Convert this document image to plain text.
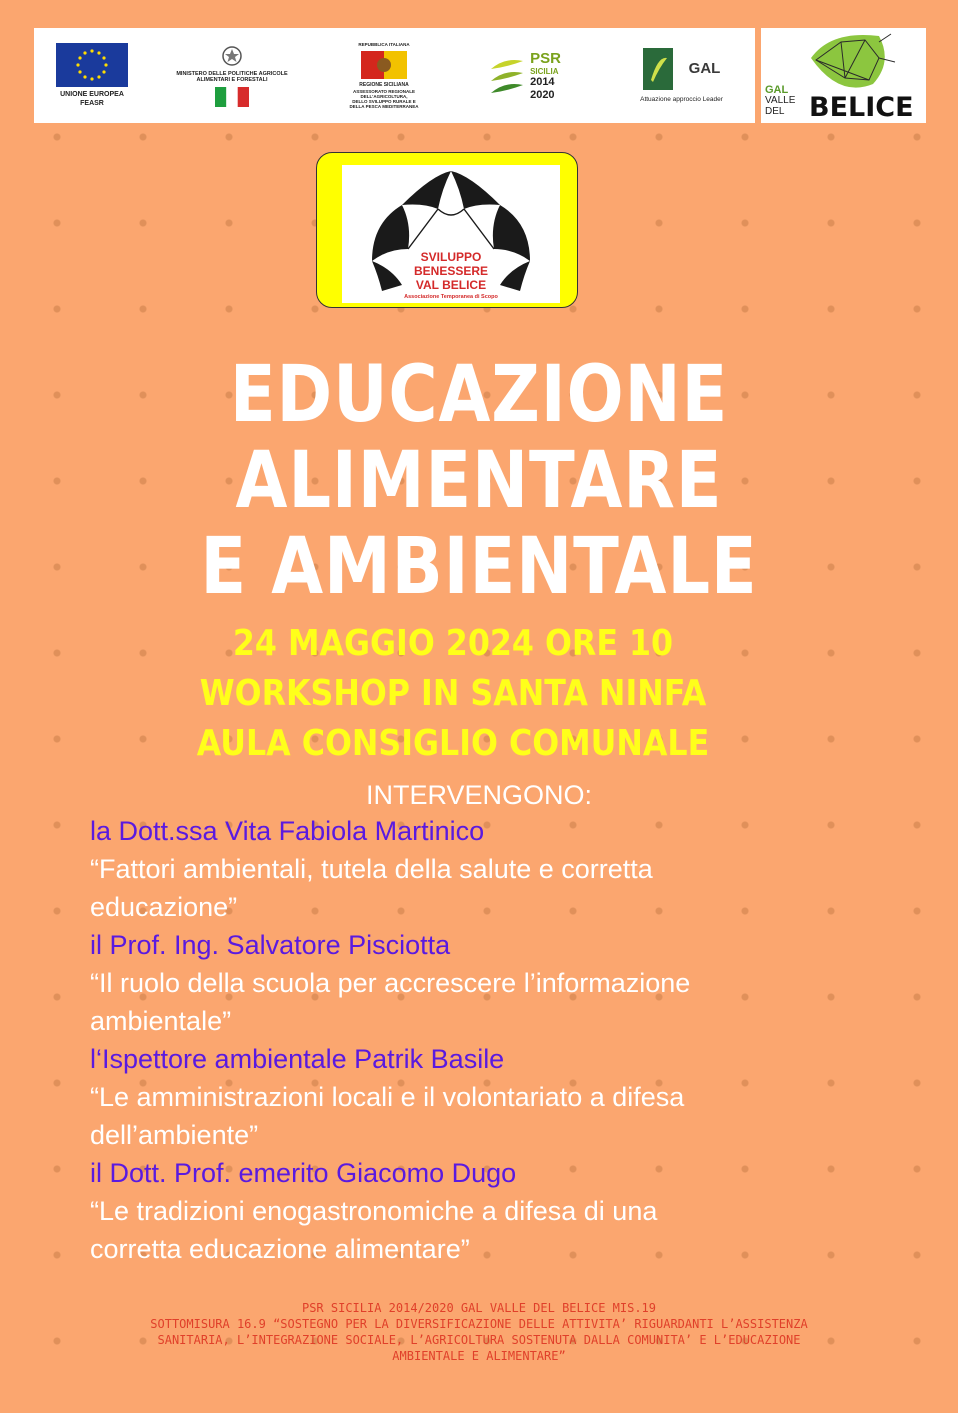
UNIONE EUROPEA
FEASR
MINISTERO DELLE POLITICHE AGRICOLE
ALIMENTARI E FORESTALI
REPUBBLICA ITALIANA
REGIONE SICILIANA
ASSESSORATO REGIONALE
DELL'AGRICOLTURA,
DELLO SVILUPPO RURALE E
DELLA PESCA MEDITERRANEA
PSR
SICILIA
2014
2020
GAL
Attuazione approccio Leader
GAL
VALLE
DEL BELICE
SVILUPPO
BENESSERE
VAL BELICE
Associazione Temporanea di Scopo
EDUCAZIONE
ALIMENTARE
E AMBIENTALE
24 MAGGIO 2024 ORE 10
WORKSHOP IN SANTA NINFA
AULA CONSIGLIO COMUNALE
INTERVENGONO:
la Dott.ssa Vita Fabiola Martinico
“Fattori ambientali, tutela della salute e corretta
educazione”
il Prof. Ing. Salvatore Pisciotta
“Il ruolo della scuola per accrescere l’informazione
ambientale”
l‘Ispettore ambientale Patrik Basile
“Le amministrazioni locali e il volontariato a difesa
dell’ambiente”
il Dott. Prof. emerito Giacomo Dugo
“Le tradizioni enogastronomiche a difesa di una
corretta educazione alimentare”
PSR SICILIA 2014/2020 GAL VALLE DEL BELICE MIS.19
SOTTOMISURA 16.9 “SOSTEGNO PER LA DIVERSIFICAZIONE DELLE ATTIVITA’ RIGUARDANTI L’ASSISTENZA
SANITARIA, L’INTEGRAZIONE SOCIALE, L’AGRICOLTURA SOSTENUTA DALLA COMUNITA’ E L’EDUCAZIONE
AMBIENTALE E ALIMENTARE”
